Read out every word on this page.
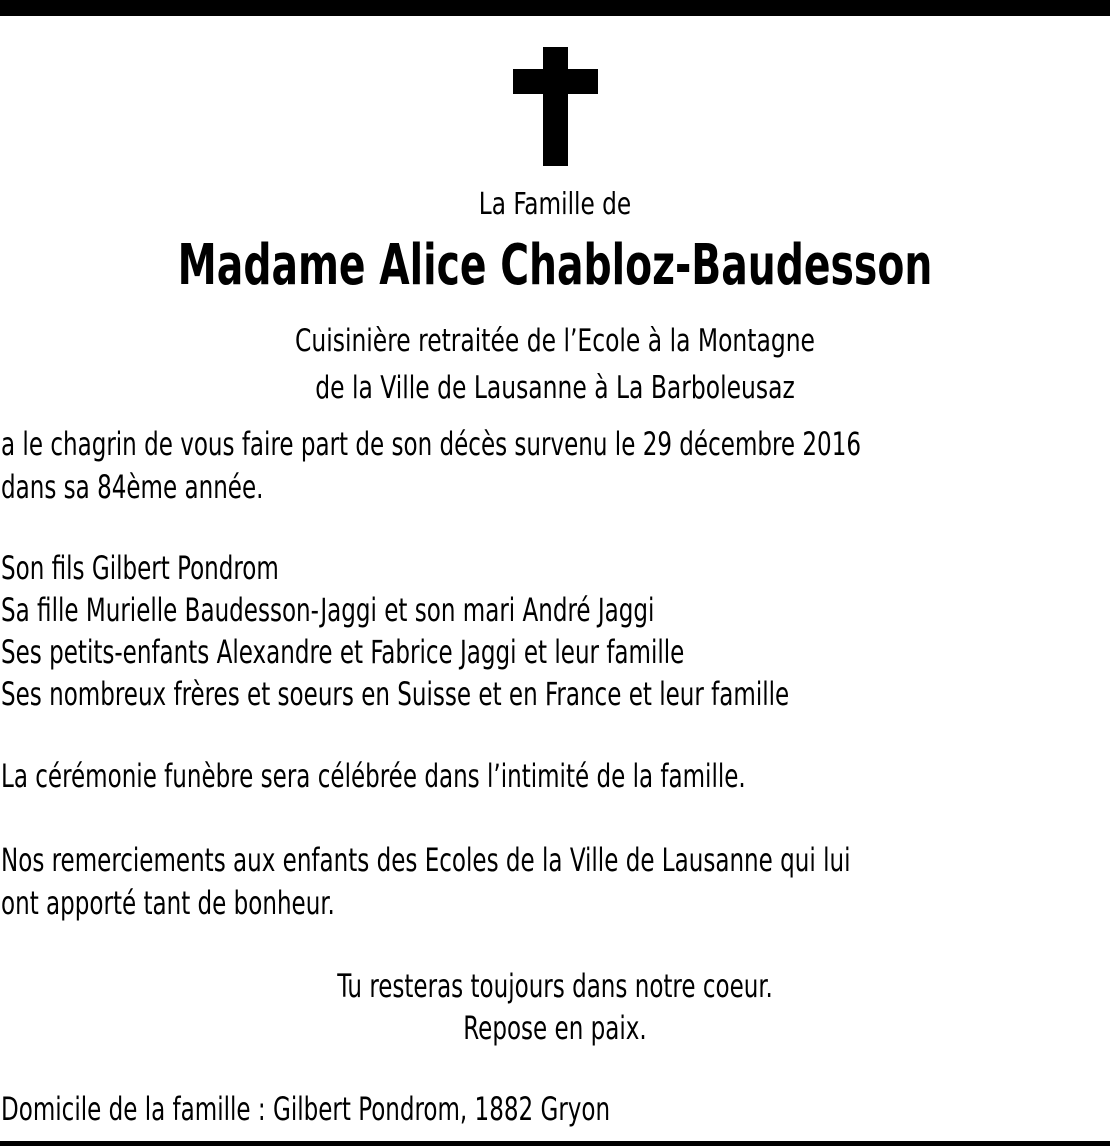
La Famille de

Madame Alice Chabloz-Baudesson

Cuisinière retraitée de l’Ecole à la Montagne

de la Ville de Lausanne à La Barboleusaz

a le chagrin de vous faire part de son décès survenu le 29 décembre 2016

dans sa 84ème année.

Son fils Gilbert Pondrom

Sa fille Murielle Baudesson-Jaggi et son mari André Jaggi

Ses petits-enfants Alexandre et Fabrice Jaggi et leur famille

Ses nombreux frères et soeurs en Suisse et en France et leur famille

La cérémonie funèbre sera célébrée dans l’intimité de la famille.

Nos remerciements aux enfants des Ecoles de la Ville de Lausanne qui lui

ont apporté tant de bonheur.

Tu resteras toujours dans notre coeur.

Repose en paix.

Domicile de la famille : Gilbert Pondrom, 1882 Gryon
